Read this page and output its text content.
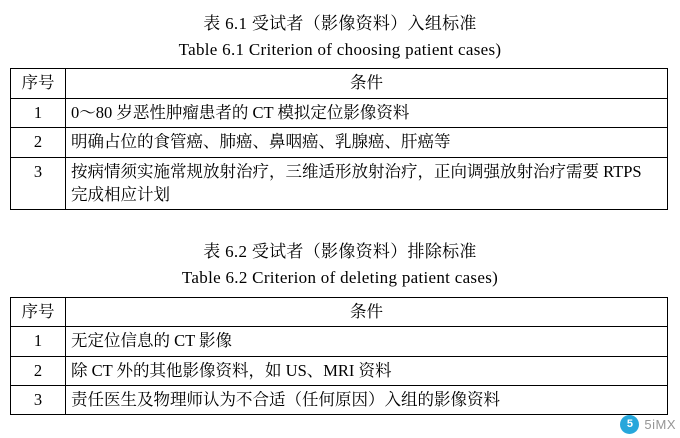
表 6.1 受试者（影像资料）入组标准
Table 6.1 Criterion of choosing patient cases)
序号	条件
1	0～80 岁恶性肿瘤患者的 CT 模拟定位影像资料
2	明确占位的食管癌、肺癌、鼻咽癌、乳腺癌、肝癌等
3	按病情须实施常规放射治疗，三维适形放射治疗，正向调强放射治疗需要 RTPS 完成相应计划
表 6.2 受试者（影像资料）排除标准
Table 6.2 Criterion of deleting patient cases)
序号	条件
1	无定位信息的 CT 影像
2	除 CT 外的其他影像资料，如 US、MRI 资料
3	责任医生及物理师认为不合适（任何原因）入组的影像资料
5 5iMX
